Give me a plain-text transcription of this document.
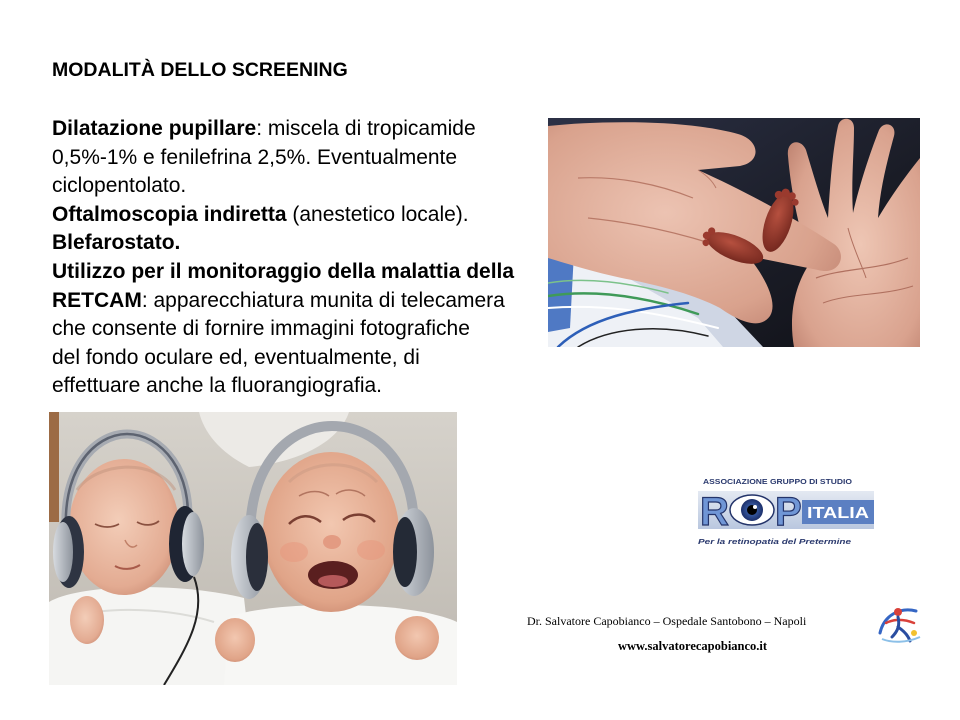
MODALITÀ DELLO SCREENING
Dilatazione pupillare: miscela di tropicamide
0,5%-1% e fenilefrina 2,5%. Eventualmente
ciclopentolato.
Oftalmoscopia indiretta (anestetico locale).
Blefarostato.
Utilizzo per il monitoraggio della malattia della
RETCAM: apparecchiatura munita di telecamera
che consente di fornire immagini fotografiche
del fondo oculare ed, eventualmente, di
effettuare anche la fluorangiografia.
ASSOCIAZIONE GRUPPO DI STUDIO
R P ITALIA
Per la retinopatia del Pretermine
Dr. Salvatore Capobianco – Ospedale Santobono – Napoli
www.salvatorecapobianco.it
